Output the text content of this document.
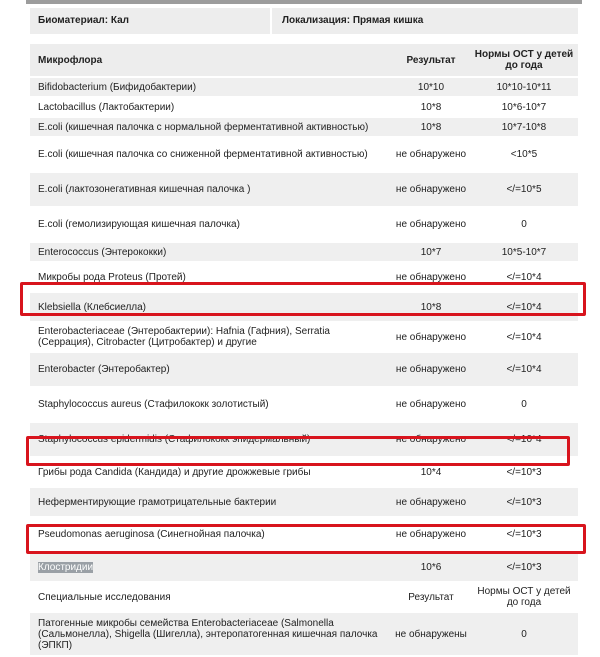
Биоматериал: Кал	Локализация: Прямая кишка
Микрофлора	Результат	Нормы ОСТ у детей до года
Bifidobacterium (Бифидобактерии)	10*10	10*10-10*11
Lactobacillus (Лактобактерии)	10*8	10*6-10*7
E.coli (кишечная палочка с нормальной ферментативной активностью)	10*8	10*7-10*8
E.coli (кишечная палочка со сниженной ферментативной активностью)	не обнаружено	<10*5
E.coli (лактозонегативная кишечная палочка )	не обнаружено	</=10*5
E.coli (гемолизирующая кишечная палочка)	не обнаружено	0
Enterococcus (Энтерококки)	10*7	10*5-10*7
Микробы рода Proteus (Протей)	не обнаружено	</=10*4
Klebsiella (Клебсиелла)	10*8	</=10*4
Enterobacteriaceae (Энтеробактерии): Hafnia (Гафния), Serratia (Серрация), Citrobacter (Цитробактер) и другие	не обнаружено	</=10*4
Enterobacter (Энтеробактер)	не обнаружено	</=10*4
Staphylococcus aureus (Стафилококк золотистый)	не обнаружено	0
Staphylococcus epidermidis (Стафилококк эпидермальный)	не обнаружено	</=10*4
Грибы рода Candida (Кандида) и другие дрожжевые грибы	10*4	</=10*3
Неферментирующие грамотрицательные бактерии	не обнаружено	</=10*3
Pseudomonas aeruginosa (Синегнойная палочка)	не обнаружено	</=10*3
Клостридии	10*6	</=10*3
Специальные исследования	Результат	Нормы ОСТ у детей до года
Патогенные микробы семейства Enterobacteriaceae (Salmonella (Сальмонелла), Shigella (Шигелла), энтеропатогенная кишечная палочка (ЭПКП)	не обнаружены	0
